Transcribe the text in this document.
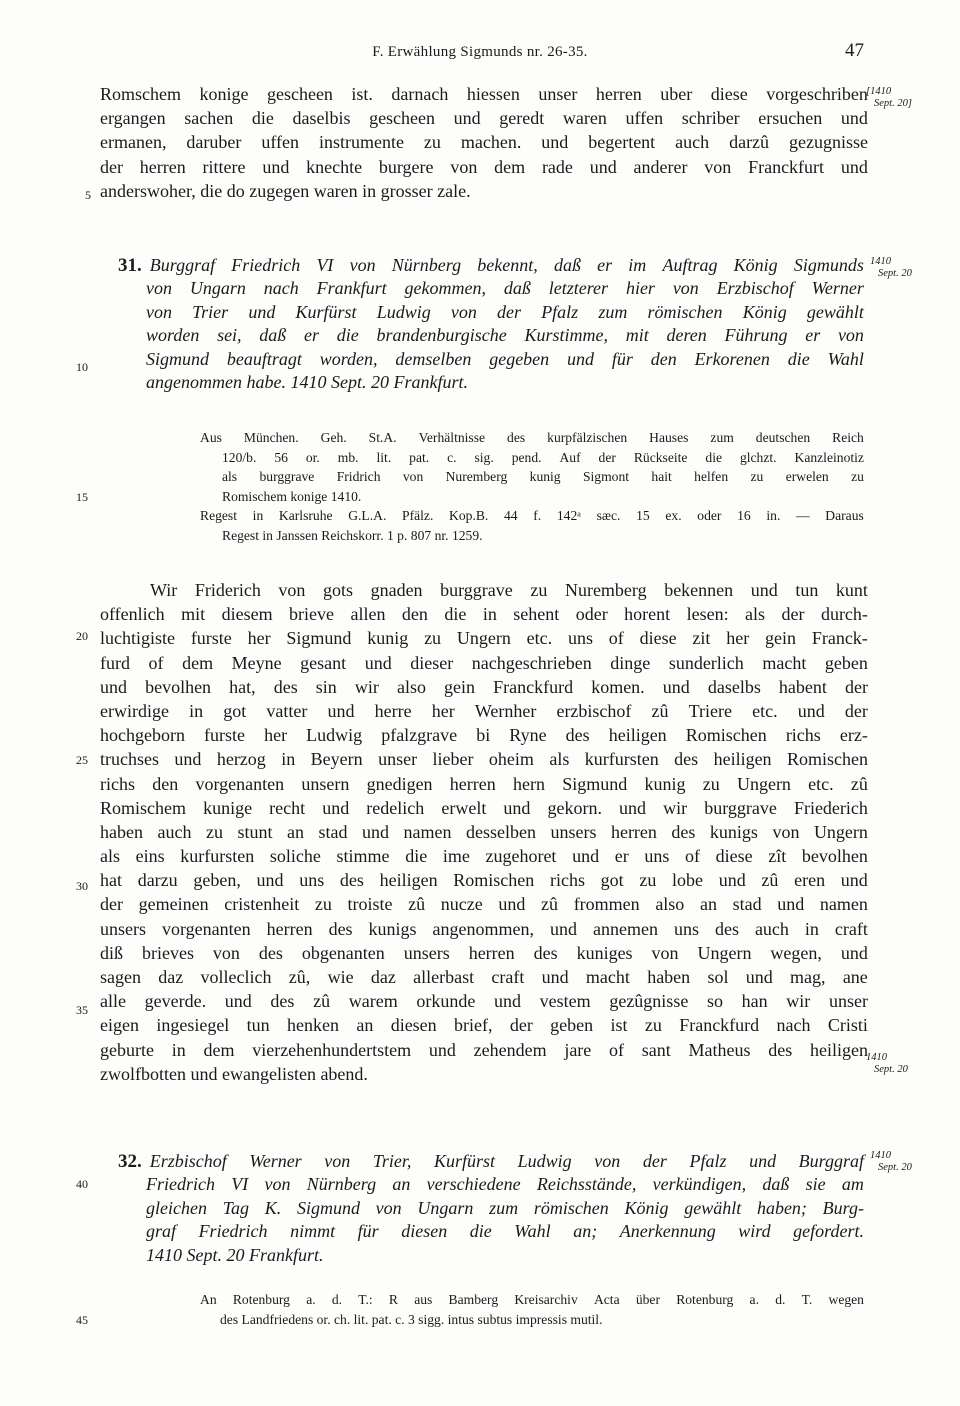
F. Erwählung Sigmunds nr. 26-35.	47
Romschem konige gescheen ist. darnach hiessen unser herren uber diese vorgeschriben
ergangen sachen die daselbis gescheen und geredt waren uffen schriber ersuchen und
ermanen, daruber uffen instrumente zu machen. und begertent auch darzû gezugnisse
der herren rittere und knechte burgere von dem rade und anderer von Franckfurt und
anderswoher, die do zugegen waren in grosser zale.
[1410
Sept. 20]
31. Burggraf Friedrich VI von Nürnberg bekennt, daß er im Auftrag König Sigmunds
von Ungarn nach Frankfurt gekommen, daß letzterer hier von Erzbischof Werner
von Trier und Kurfürst Ludwig von der Pfalz zum römischen König gewählt
worden sei, daß er die brandenburgische Kurstimme, mit deren Führung er von
Sigmund beauftragt worden, demselben gegeben und für den Erkorenen die Wahl
angenommen habe. 1410 Sept. 20 Frankfurt.
1410
Sept. 20
Aus München. Geh. St.A. Verhältnisse des kurpfälzischen Hauses zum deutschen Reich
120/b. 56 or. mb. lit. pat. c. sig. pend. Auf der Rückseite die glchzt. Kanzleinotiz
als burggrave Fridrich von Nuremberg kunig Sigmont hait helfen zu erwelen zu
Romischem konige 1410.
Regest in Karlsruhe G.L.A. Pfälz. Kop.B. 44 f. 142ᵃ sæc. 15 ex. oder 16 in. — Daraus
Regest in Janssen Reichskorr. 1 p. 807 nr. 1259.
Wir Friderich von gots gnaden burggrave zu Nuremberg bekennen und tun kunt
offenlich mit diesem brieve allen den die in sehent oder horent lesen: als der durch-
luchtigiste furste her Sigmund kunig zu Ungern etc. uns of diese zit her gein Franck-
furd of dem Meyne gesant und dieser nachgeschrieben dinge sunderlich macht geben
und bevolhen hat, des sin wir also gein Franckfurd komen. und daselbs habent der
erwirdige in got vatter und herre her Wernher erzbischof zû Triere etc. und der
hochgeborn furste her Ludwig pfalzgrave bi Ryne des heiligen Romischen richs erz-
truchses und herzog in Beyern unser lieber oheim als kurfursten des heiligen Romischen
richs den vorgenanten unsern gnedigen herren hern Sigmund kunig zu Ungern etc. zû
Romischem kunige recht und redelich erwelt und gekorn. und wir burggrave Friederich
haben auch zu stunt an stad und namen desselben unsers herren des kunigs von Ungern
als eins kurfursten soliche stimme die ime zugehoret und er uns of diese zît bevolhen
hat darzu geben, und uns des heiligen Romischen richs got zu lobe und zû eren und
der gemeinen cristenheit zu troiste zû nucze und zû frommen also an stad und namen
unsers vorgenanten herren des kunigs angenommen, und annemen uns des auch in craft
diß brieves von des obgenanten unsers herren des kuniges von Ungern wegen, und
sagen daz volleclich zû, wie daz allerbast craft und macht haben sol und mag, ane
alle geverde. und des zû warem orkunde und vestem gezûgnisse so han wir unser
eigen ingesiegel tun henken an diesen brief, der geben ist zu Franckfurd nach Cristi
geburte in dem vierzehenhundertstem und zehendem jare of sant Matheus des heiligen
zwolfbotten und ewangelisten abend.
1410
Sept. 20
32. Erzbischof Werner von Trier, Kurfürst Ludwig von der Pfalz und Burggraf
Friedrich VI von Nürnberg an verschiedene Reichsstände, verkündigen, daß sie am
gleichen Tag K. Sigmund von Ungarn zum römischen König gewählt haben; Burg-
graf Friedrich nimmt für diesen die Wahl an; Anerkennung wird gefordert.
1410 Sept. 20 Frankfurt.
1410
Sept. 20
An Rotenburg a. d. T.: R aus Bamberg Kreisarchiv Acta über Rotenburg a. d. T. wegen
des Landfriedens or. ch. lit. pat. c. 3 sigg. intus subtus impressis mutil.
5
10
15
20
25
30
35
40
45
